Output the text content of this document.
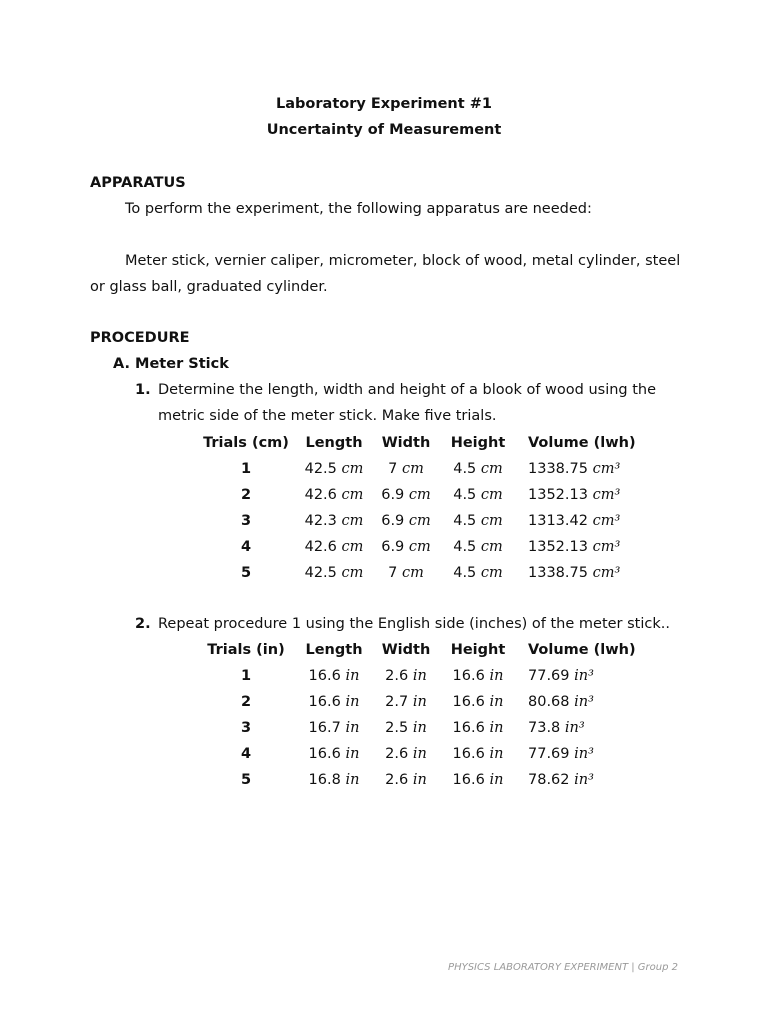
Laboratory Experiment #1
Uncertainty of Measurement
APPARATUS
To perform the experiment, the following apparatus are needed:
Meter stick, vernier caliper, micrometer, block of wood, metal cylinder, steel or glass ball, graduated cylinder.
PROCEDURE
A. Meter Stick
1. Determine the length, width and height of a blook of wood using the metric side of the meter stick. Make five trials.
Trials (cm)	Length	Width	Height	Volume (lwh)
1	42.5 cm	7 cm	4.5 cm	1338.75 cm³
2	42.6 cm	6.9 cm	4.5 cm	1352.13 cm³
3	42.3 cm	6.9 cm	4.5 cm	1313.42 cm³
4	42.6 cm	6.9 cm	4.5 cm	1352.13 cm³
5	42.5 cm	7 cm	4.5 cm	1338.75 cm³
2. Repeat procedure 1 using the English side (inches) of the meter stick..
Trials (in)	Length	Width	Height	Volume (lwh)
1	16.6 in	2.6 in	16.6 in	77.69 in³
2	16.6 in	2.7 in	16.6 in	80.68 in³
3	16.7 in	2.5 in	16.6 in	73.8 in³
4	16.6 in	2.6 in	16.6 in	77.69 in³
5	16.8 in	2.6 in	16.6 in	78.62 in³
PHYSICS LABORATORY EXPERIMENT | Group 2
